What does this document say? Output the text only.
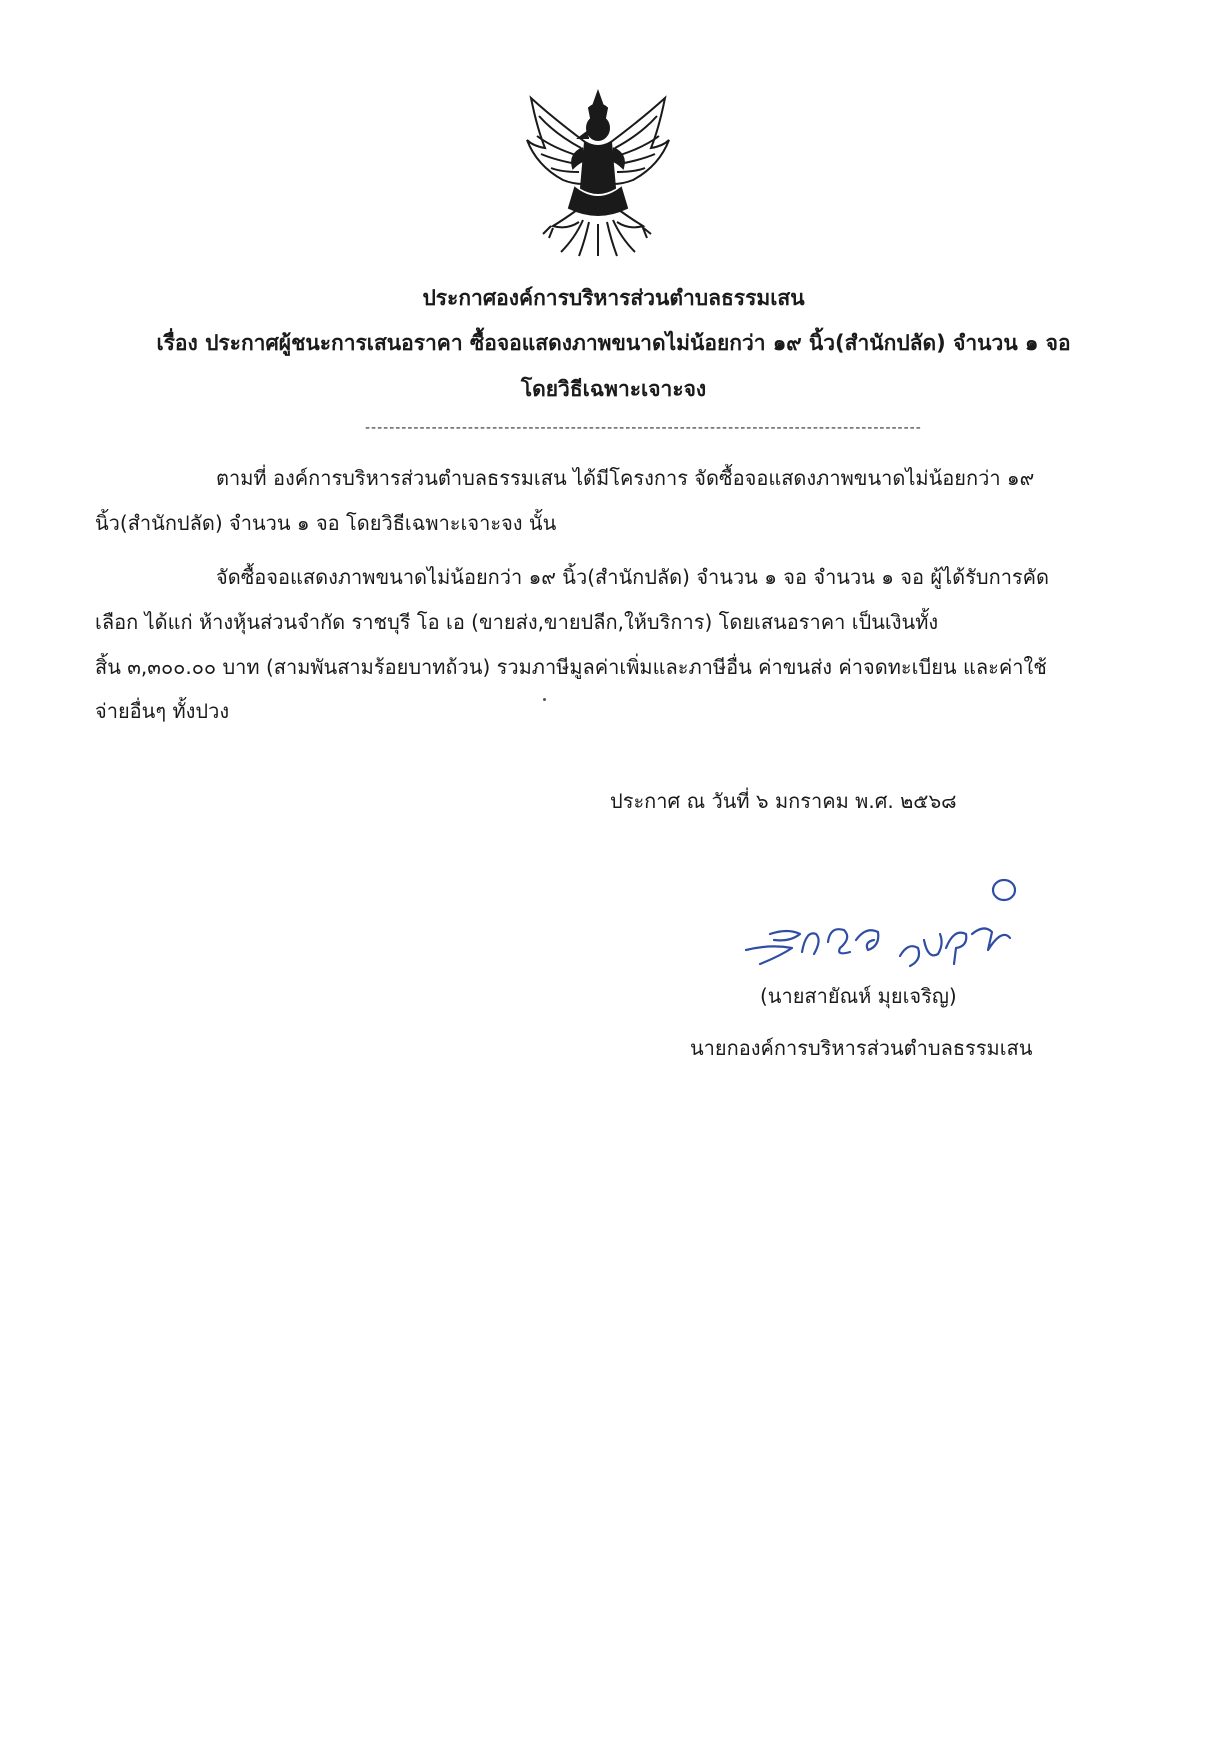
ประกาศองค์การบริหารส่วนตำบลธรรมเสน
เรื่อง ประกาศผู้ชนะการเสนอราคา ซื้อจอแสดงภาพขนาดไม่น้อยกว่า ๑๙ นิ้ว(สำนักปลัด) จำนวน ๑ จอ
โดยวิธีเฉพาะเจาะจง
--------------------------------------------------------------------------------------------
ตามที่ องค์การบริหารส่วนตำบลธรรมเสน ได้มีโครงการ จัดซื้อจอแสดงภาพขนาดไม่น้อยกว่า ๑๙
นิ้ว(สำนักปลัด) จำนวน ๑ จอ โดยวิธีเฉพาะเจาะจง นั้น
จัดซื้อจอแสดงภาพขนาดไม่น้อยกว่า ๑๙ นิ้ว(สำนักปลัด) จำนวน ๑ จอ จำนวน ๑ จอ ผู้ได้รับการคัด
เลือก ได้แก่ ห้างหุ้นส่วนจำกัด ราชบุรี โอ เอ (ขายส่ง,ขายปลีก,ให้บริการ) โดยเสนอราคา เป็นเงินทั้ง
สิ้น ๓,๓๐๐.๐๐ บาท (สามพันสามร้อยบาทถ้วน) รวมภาษีมูลค่าเพิ่มและภาษีอื่น ค่าขนส่ง ค่าจดทะเบียน และค่าใช้
จ่ายอื่นๆ ทั้งปวง
ประกาศ ณ วันที่ ๖ มกราคม พ.ศ. ๒๕๖๘
(นายสายัณห์ มุยเจริญ)
นายกองค์การบริหารส่วนตำบลธรรมเสน
